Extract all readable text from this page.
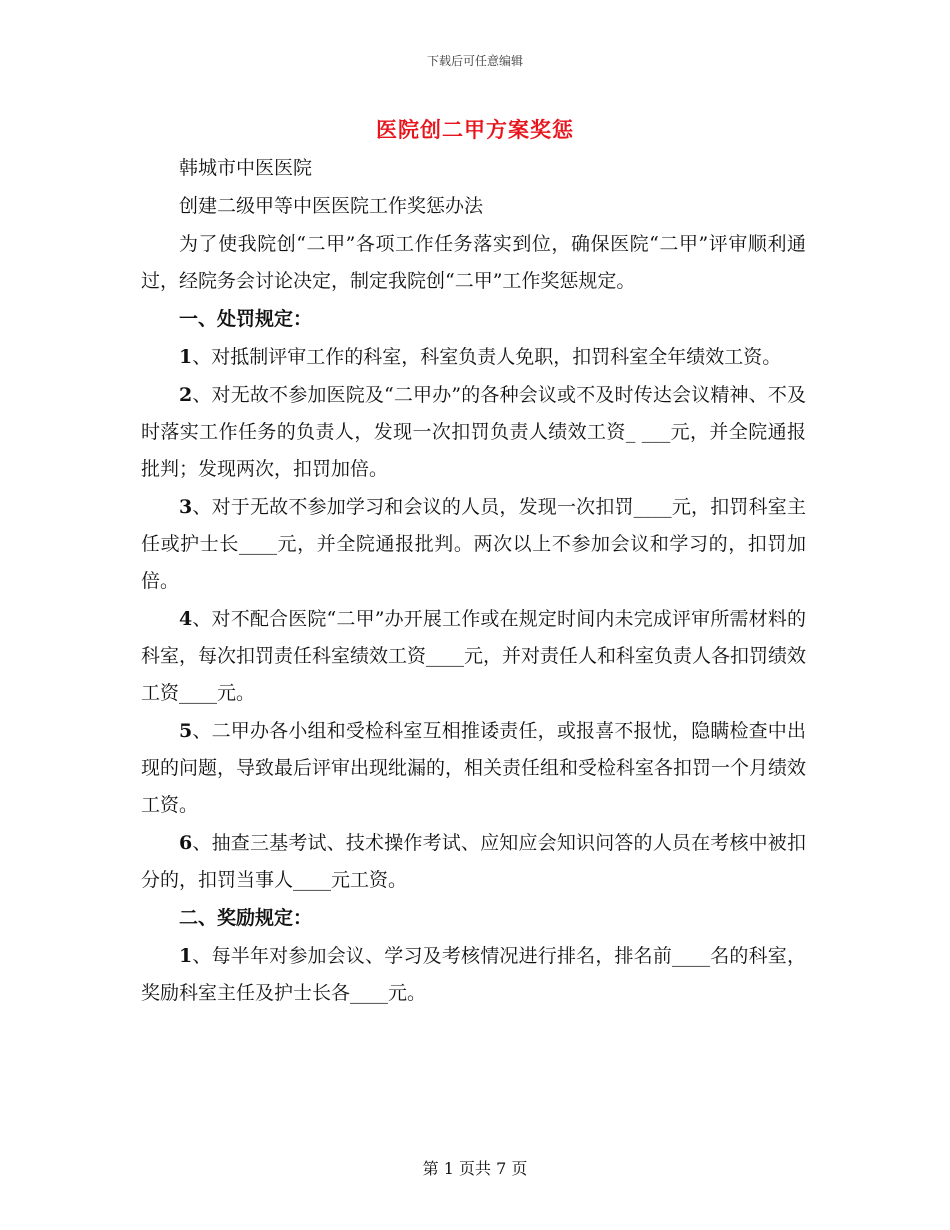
下载后可任意编辑
医院创二甲方案奖惩

韩城市中医医院

创建二级甲等中医医院工作奖惩办法

为了使我院创“二甲”各项工作任务落实到位，确保医院“二甲”评审顺利通过，经院务会讨论决定，制定我院创“二甲”工作奖惩规定。

一、处罚规定：

1、对抵制评审工作的科室，科室负责人免职，扣罚科室全年绩效工资。

2、对无故不参加医院及“二甲办”的各种会议或不及时传达会议精神、不及时落实工作任务的负责人，发现一次扣罚负责人绩效工资_ ___元，并全院通报批判；发现两次，扣罚加倍。

3、对于无故不参加学习和会议的人员，发现一次扣罚____元，扣罚科室主任或护士长____元，并全院通报批判。两次以上不参加会议和学习的，扣罚加倍。

4、对不配合医院“二甲”办开展工作或在规定时间内未完成评审所需材料的科室，每次扣罚责任科室绩效工资____元，并对责任人和科室负责人各扣罚绩效工资____元。

5、二甲办各小组和受检科室互相推诿责任，或报喜不报忧，隐瞒检查中出现的问题，导致最后评审出现纰漏的，相关责任组和受检科室各扣罚一个月绩效工资。

6、抽查三基考试、技术操作考试、应知应会知识问答的人员在考核中被扣分的，扣罚当事人____元工资。

二、奖励规定：

1、每半年对参加会议、学习及考核情况进行排名，排名前____名的科室，奖励科室主任及护士长各____元。

第 1 页共 7 页
